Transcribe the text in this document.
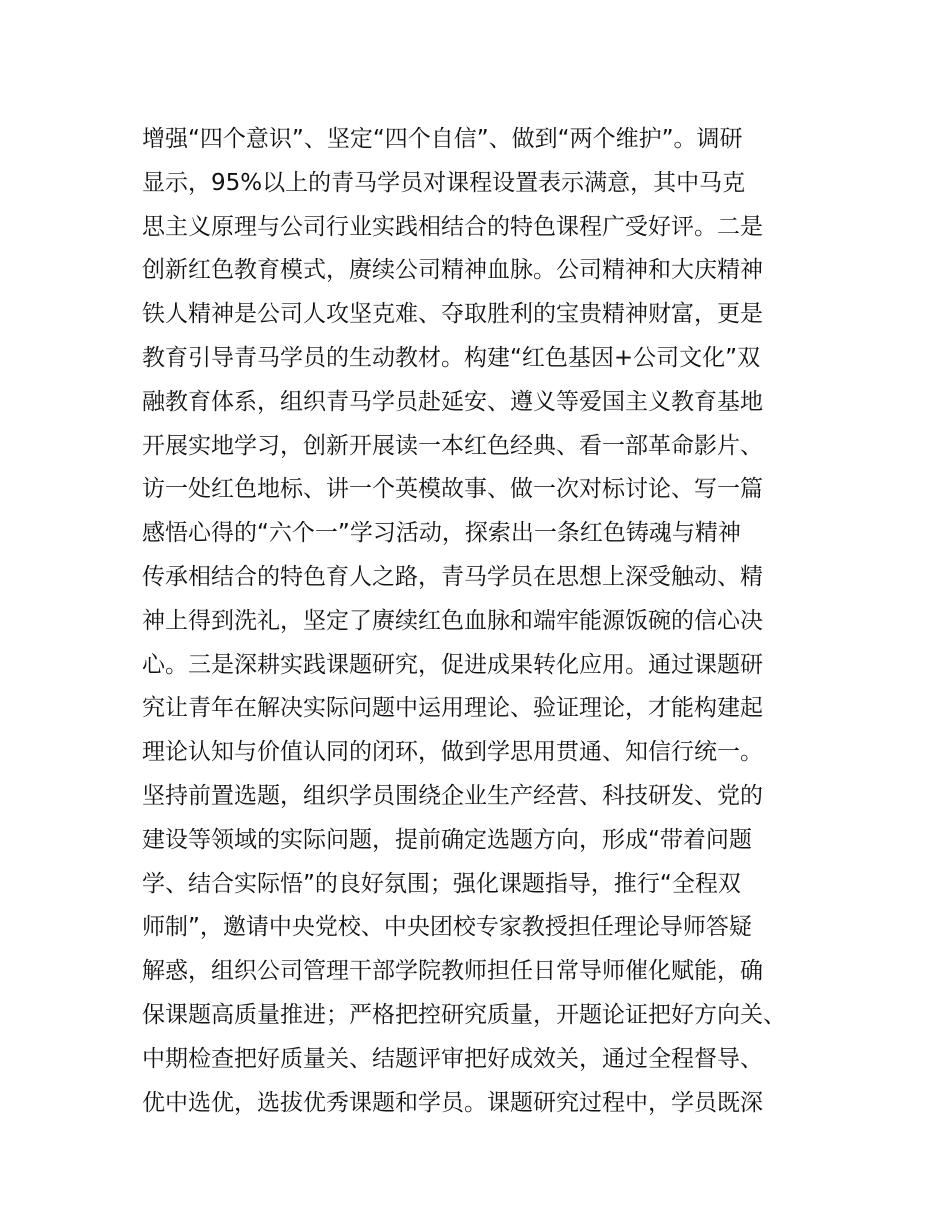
增强“四个意识”、坚定“四个自信”、做到“两个维护”。调研
显示，95%以上的青马学员对课程设置表示满意，其中马克
思主义原理与公司行业实践相结合的特色课程广受好评。二是
创新红色教育模式，赓续公司精神血脉。公司精神和大庆精神
铁人精神是公司人攻坚克难、夺取胜利的宝贵精神财富，更是
教育引导青马学员的生动教材。构建“红色基因+公司文化”双
融教育体系，组织青马学员赴延安、遵义等爱国主义教育基地
开展实地学习，创新开展读一本红色经典、看一部革命影片、
访一处红色地标、讲一个英模故事、做一次对标讨论、写一篇
感悟心得的“六个一”学习活动，探索出一条红色铸魂与精神
传承相结合的特色育人之路，青马学员在思想上深受触动、精
神上得到洗礼，坚定了赓续红色血脉和端牢能源饭碗的信心决
心。三是深耕实践课题研究，促进成果转化应用。通过课题研
究让青年在解决实际问题中运用理论、验证理论，才能构建起
理论认知与价值认同的闭环，做到学思用贯通、知信行统一。
坚持前置选题，组织学员围绕企业生产经营、科技研发、党的
建设等领域的实际问题，提前确定选题方向，形成“带着问题
学、结合实际悟”的良好氛围；强化课题指导，推行“全程双
师制”，邀请中央党校、中央团校专家教授担任理论导师答疑
解惑，组织公司管理干部学院教师担任日常导师催化赋能，确
保课题高质量推进；严格把控研究质量，开题论证把好方向关、
中期检查把好质量关、结题评审把好成效关，通过全程督导、
优中选优，选拔优秀课题和学员。课题研究过程中，学员既深
